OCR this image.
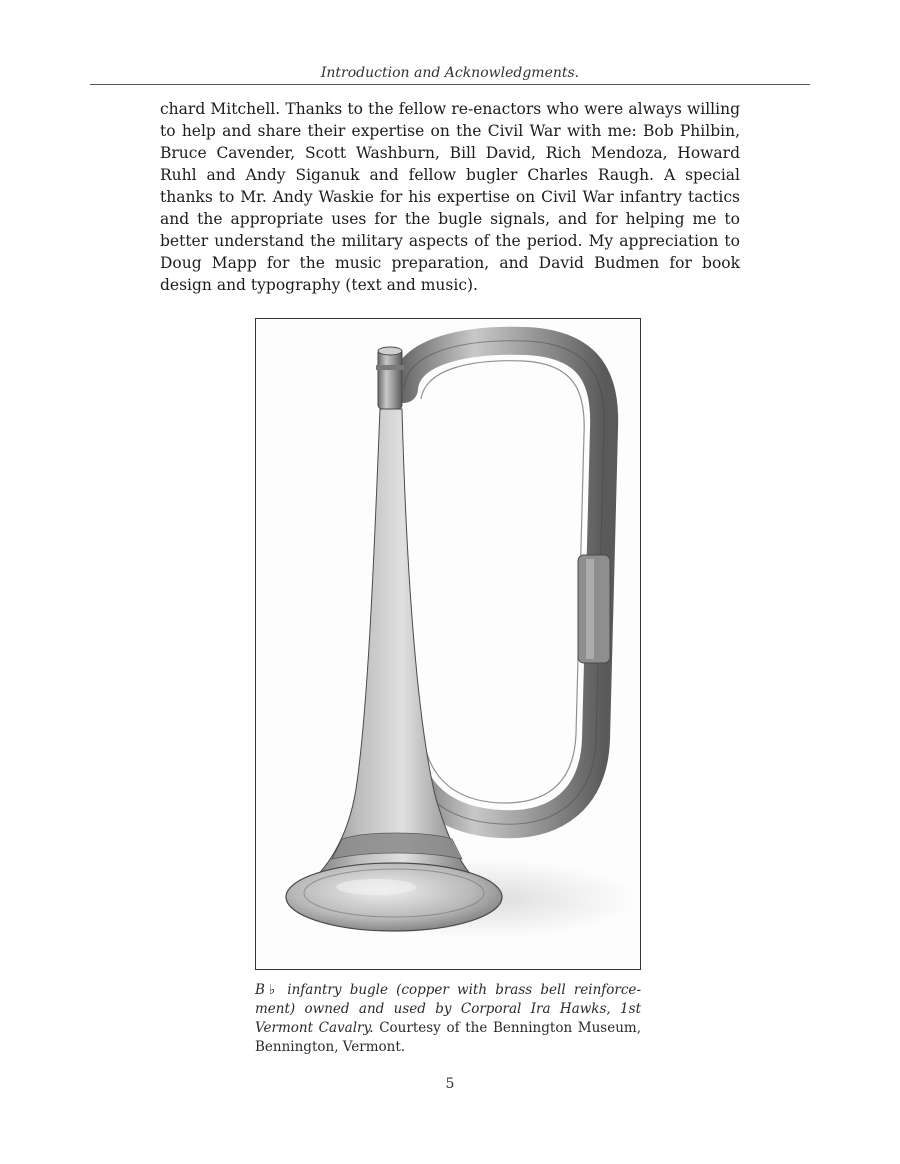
Introduction and Acknowledgments.

chard Mitchell. Thanks to the fellow re-enactors who were always willing to help and share their expertise on the Civil War with me: Bob Philbin, Bruce Cavender, Scott Washburn, Bill David, Rich Mendoza, Howard Ruhl and Andy Siganuk and fellow bugler Charles Raugh. A special thanks to Mr. Andy Waskie for his expertise on Civil War infantry tactics and the appropriate uses for the bugle signals, and for helping me to better understand the military aspects of the period. My appreciation to Doug Mapp for the music preparation, and David Budmen for book design and typography (text and music).

B♭ infantry bugle (copper with brass bell reinforcement) owned and used by Corporal Ira Hawks, 1st Vermont Cavalry. Courtesy of the Bennington Museum, Bennington, Vermont.
5
